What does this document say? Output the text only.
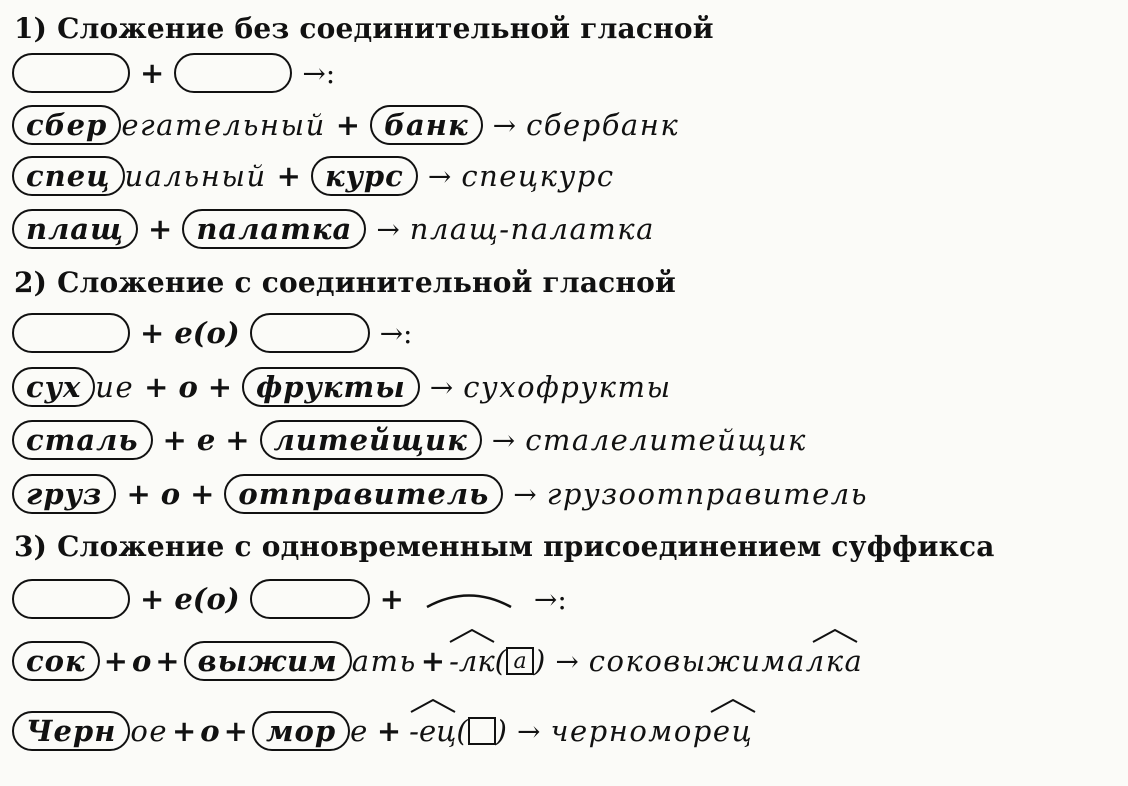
1) Сложение без соединительной гласной
+	→:
сбер егательный + банк → сбербанк
спец иальный + курс → спецкурс
плащ + палатка → плащ-палатка
2) Сложение с соединительной гласной
+ е(о)	→:
сух ие + о + фрукты → сухофрукты
сталь + е + литейщик → сталелитейщик
груз + о + отправитель → грузоотправитель
3) Сложение с одновременным присоединением суффикса
+ е(о)	+	→:
сок + о + выжим ать + -лк ( а ) → соковыжима лка
Черн ое + о + мор е + -ец ( ) → черномор ец
